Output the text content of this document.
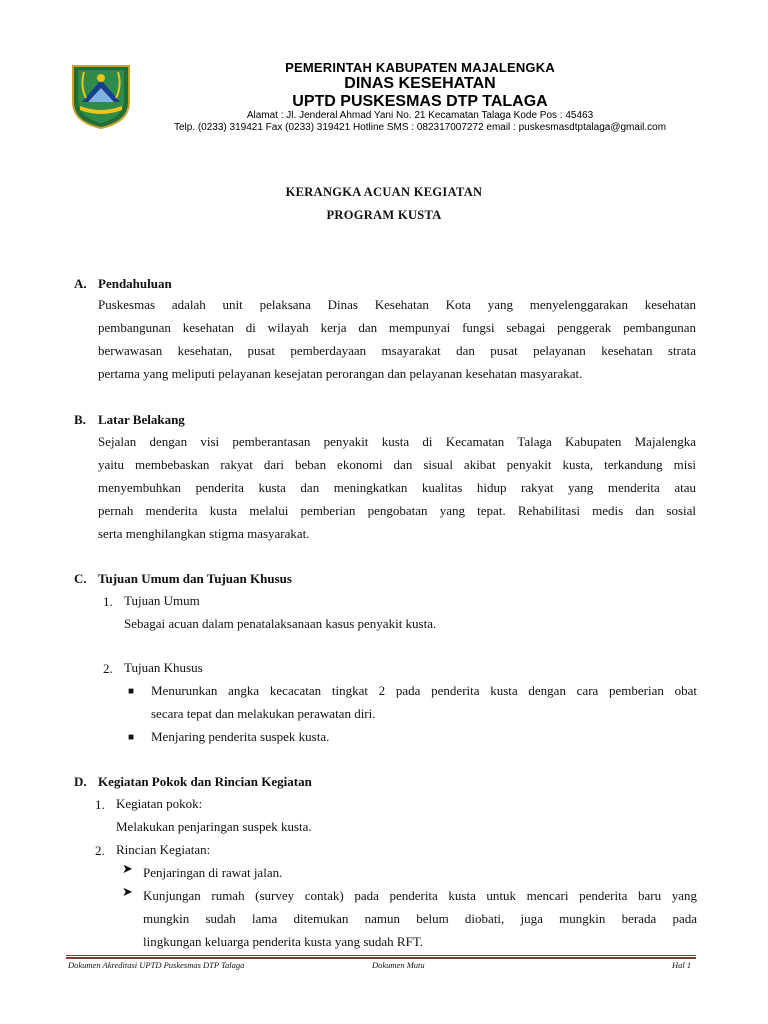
PEMERINTAH KABUPATEN MAJALENGKA
DINAS KESEHATAN
UPTD PUSKESMAS DTP TALAGA
Alamat : Jl. Jenderal Ahmad Yani No. 21 Kecamatan Talaga Kode Pos : 45463
Telp. (0233) 319421 Fax (0233) 319421 Hotline SMS : 082317007272 email : puskesmasdtptalaga@gmail.com
KERANGKA ACUAN KEGIATAN
PROGRAM KUSTA
A. Pendahuluan
Puskesmas adalah unit pelaksana Dinas Kesehatan Kota yang menyelenggarakan kesehatan
pembangunan kesehatan di wilayah kerja dan mempunyai fungsi sebagai penggerak pembangunan
berwawasan kesehatan, pusat pemberdayaan msayarakat dan pusat pelayanan kesehatan strata
pertama yang meliputi pelayanan kesejatan perorangan dan pelayanan kesehatan masyarakat.
B. Latar Belakang
Sejalan dengan visi pemberantasan penyakit kusta di Kecamatan Talaga Kabupaten Majalengka
yaitu membebaskan rakyat dari beban ekonomi dan sisual akibat penyakit kusta, terkandung misi
menyembuhkan penderita kusta dan meningkatkan kualitas hidup rakyat yang menderita atau
pernah menderita kusta melalui pemberian pengobatan yang tepat. Rehabilitasi medis dan sosial
serta menghilangkan stigma masyarakat.
C. Tujuan Umum dan Tujuan Khusus
1. Tujuan Umum
Sebagai acuan dalam penatalaksanaan kasus penyakit kusta.
2. Tujuan Khusus
■ Menurunkan angka kecacatan tingkat 2 pada penderita kusta dengan cara pemberian obat
secara tepat dan melakukan perawatan diri.
■ Menjaring penderita suspek kusta.
D. Kegiatan Pokok dan Rincian Kegiatan
1. Kegiatan pokok:
Melakukan penjaringan suspek kusta.
2. Rincian Kegiatan:
➤ Penjaringan di rawat jalan.
➤ Kunjungan rumah (survey contak) pada penderita kusta untuk mencari penderita baru yang
mungkin sudah lama ditemukan namun belum diobati, juga mungkin berada pada
lingkungan keluarga penderita kusta yang sudah RFT.
Dokumen Akreditasi UPTD Puskesmas DTP Talaga	Dokumen Mutu	Hal 1
